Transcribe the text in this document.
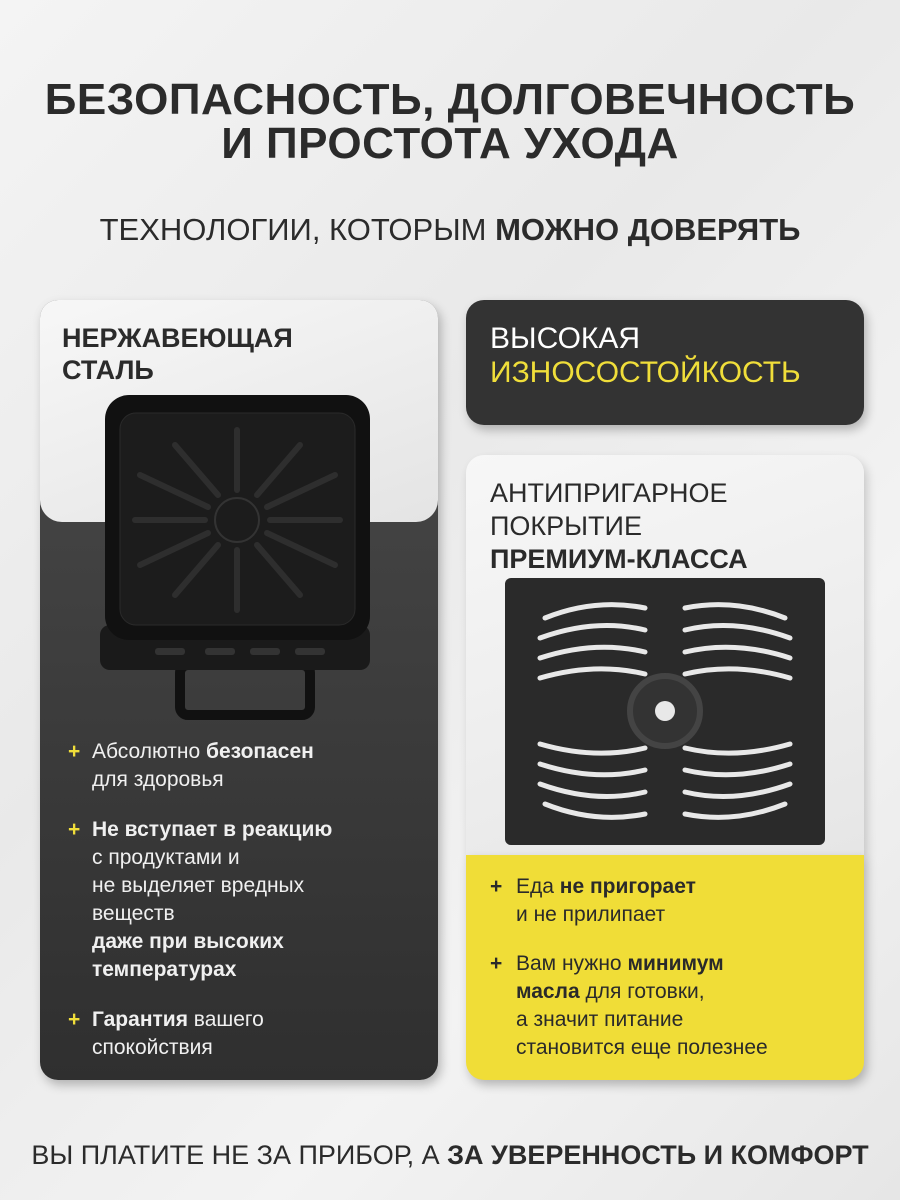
БЕЗОПАСНОСТЬ, ДОЛГОВЕЧНОСТЬ
И ПРОСТОТА УХОДА
ТЕХНОЛОГИИ, КОТОРЫМ МОЖНО ДОВЕРЯТЬ
НЕРЖАВЕЮЩАЯ
СТАЛЬ
+ Абсолютно безопасен
для здоровья
+ Не вступает в реакцию
с продуктами и
не выделяет вредных
веществ
даже при высоких
температурах
+ Гарантия вашего
спокойствия
ВЫСОКАЯ
ИЗНОСОСТОЙКОСТЬ
АНТИПРИГАРНОЕ
ПОКРЫТИЕ
ПРЕМИУМ-КЛАССА
+ Еда не пригорает
и не прилипает
+ Вам нужно минимум
масла для готовки,
а значит питание
становится еще полезнее
ВЫ ПЛАТИТЕ НЕ ЗА ПРИБОР, А ЗА УВЕРЕННОСТЬ И КОМФОРТ
